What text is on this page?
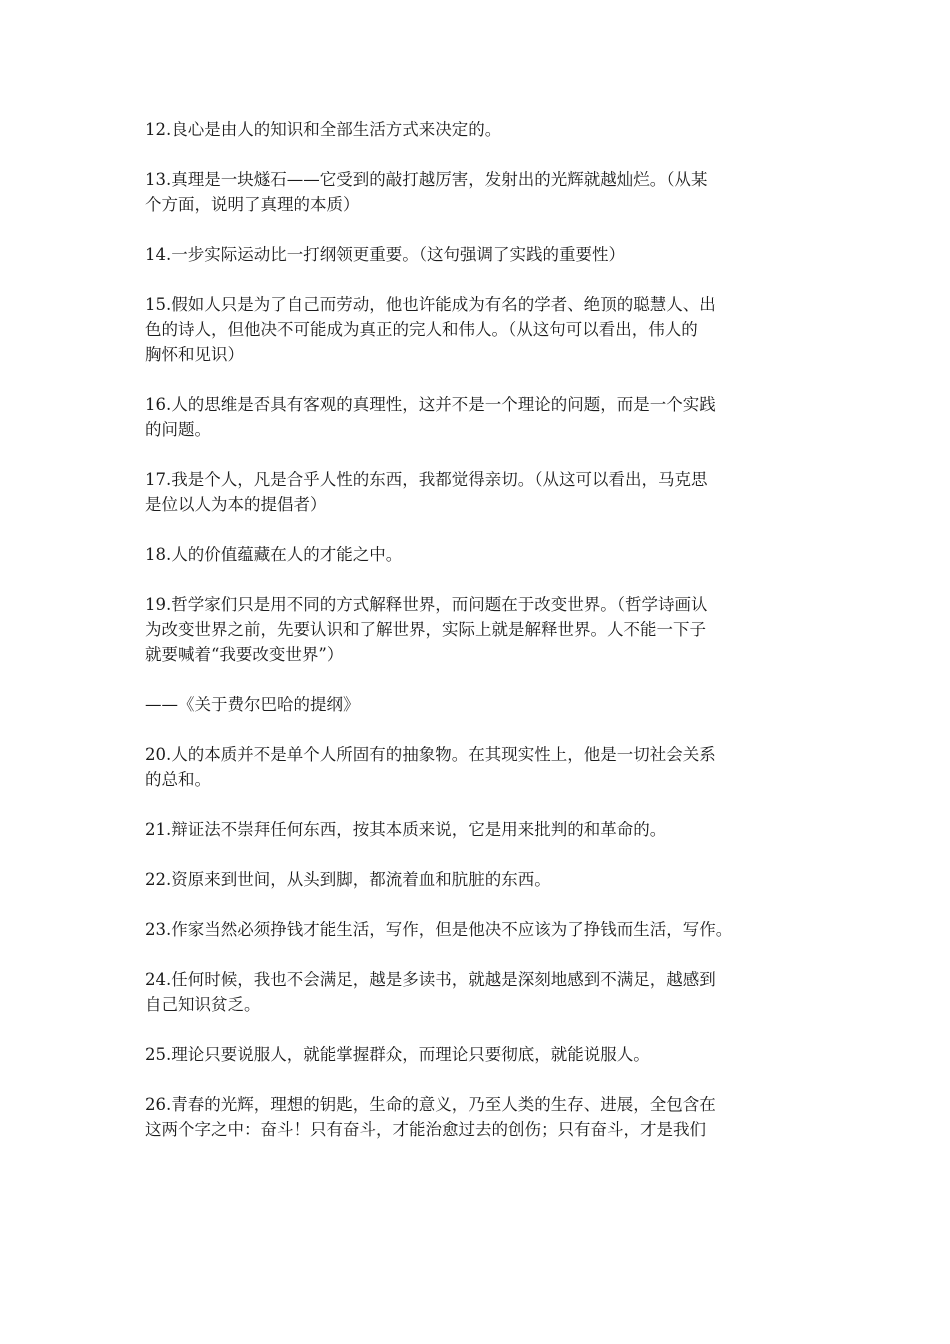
12.良心是由人的知识和全部生活方式来决定的。

13.真理是一块燧石——它受到的敲打越厉害，发射出的光辉就越灿烂。（从某
个方面，说明了真理的本质）

14.一步实际运动比一打纲领更重要。（这句强调了实践的重要性）

15.假如人只是为了自己而劳动，他也许能成为有名的学者、绝顶的聪慧人、出
色的诗人，但他决不可能成为真正的完人和伟人。（从这句可以看出，伟人的
胸怀和见识）

16.人的思维是否具有客观的真理性，这并不是一个理论的问题，而是一个实践
的问题。

17.我是个人，凡是合乎人性的东西，我都觉得亲切。（从这可以看出，马克思
是位以人为本的提倡者）

18.人的价值蕴藏在人的才能之中。

19.哲学家们只是用不同的方式解释世界，而问题在于改变世界。（哲学诗画认
为改变世界之前，先要认识和了解世界，实际上就是解释世界。人不能一下子
就要喊着“我要改变世界”）

——《关于费尔巴哈的提纲》

20.人的本质并不是单个人所固有的抽象物。在其现实性上，他是一切社会关系
的总和。

21.辩证法不崇拜任何东西，按其本质来说，它是用来批判的和革命的。

22.资原来到世间，从头到脚，都流着血和肮脏的东西。

23.作家当然必须挣钱才能生活，写作，但是他决不应该为了挣钱而生活，写作。

24.任何时候，我也不会满足，越是多读书，就越是深刻地感到不满足，越感到
自己知识贫乏。

25.理论只要说服人，就能掌握群众，而理论只要彻底，就能说服人。

26.青春的光辉，理想的钥匙，生命的意义，乃至人类的生存、进展，全包含在
这两个字之中：奋斗！只有奋斗，才能治愈过去的创伤；只有奋斗，才是我们
